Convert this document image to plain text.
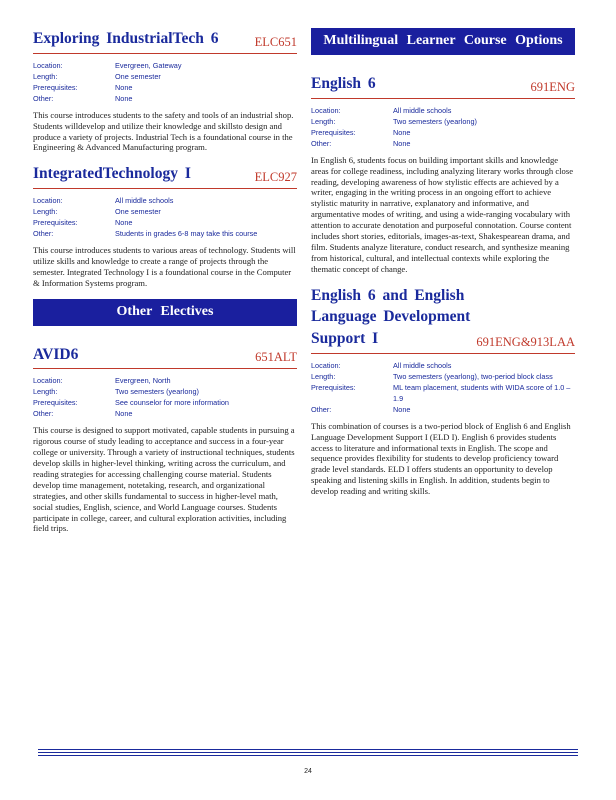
Exploring IndustrialTech 6	ELC651
Location:	Evergreen, Gateway
Length:	One semester
Prerequisites:	None
Other:	None
This course introduces students to the safety and tools of an industrial shop. Students willdevelop and utilize their knowledge and skillsto design and produce a variety of projects. Industrial Tech is a foundational course in the Engineering & Advanced Manufacturing program.
IntegratedTechnology I	ELC927
Location:	All middle schools
Length:	One semester
Prerequisites:	None
Other:	Students in grades 6-8 may take this course
This course introduces students to various areas of technology. Students will utilize skills and knowledge to create a range of projects through the semester. Integrated Technology I is a foundational course in the Computer & Information Systems program.
Other Electives
AVID6	651ALT
Location:	Evergreen, North
Length:	Two semesters (yearlong)
Prerequisites:	See counselor for more information
Other:	None
This course is designed to support motivated, capable students in pursuing a rigorous course of study leading to acceptance and success in a four-year college or university. Through a variety of instructional techniques, students develop skills in higher-level thinking, writing across the curriculum, and reading strategies for accessing challenging course material. Students develop time management, notetaking, research, and organizational strategies, and other skills fundamental to success in higher-level math, social studies, English, science, and World Language courses. Students participate in college, career, and cultural exploration activities, including field trips.
Multilingual Learner Course Options
English 6	691ENG
Location:	All middle schools
Length:	Two semesters (yearlong)
Prerequisites:	None
Other:	None
In English 6, students focus on building important skills and knowledge areas for college readiness, including analyzing literary works through close reading, developing awareness of how stylistic effects are achieved by a writer, engaging in the writing process in an ongoing effort to achieve stylistic maturity in narrative, explanatory and informative, and argumentative modes of writing, and using a wide-ranging vocabulary with attention to accurate denotation and purposeful connotation. Course content includes short stories, editorials, images-as-text, Shakespearean drama, and film. Students analyze literature, conduct research, and synthesize meaning from historical, cultural, and intellectual contexts while exploring the thematic concept of change.
English 6 and English Language Development Support I	691ENG&913LAA
Location:	All middle schools
Length:	Two semesters (yearlong), two-period block class
Prerequisites:	ML team placement, students with WIDA score of 1.0 – 1.9
Other:	None
This combination of courses is a two-period block of English 6 and English Language Development Support I (ELD I). English 6 provides students access to literature and informational texts in English. The scope and sequence provides flexibility for students to develop proficiency toward grade level standards. ELD I offers students an opportunity to develop speaking and listening skills in English. In addition, students begin to develop reading and writing skills.
24
